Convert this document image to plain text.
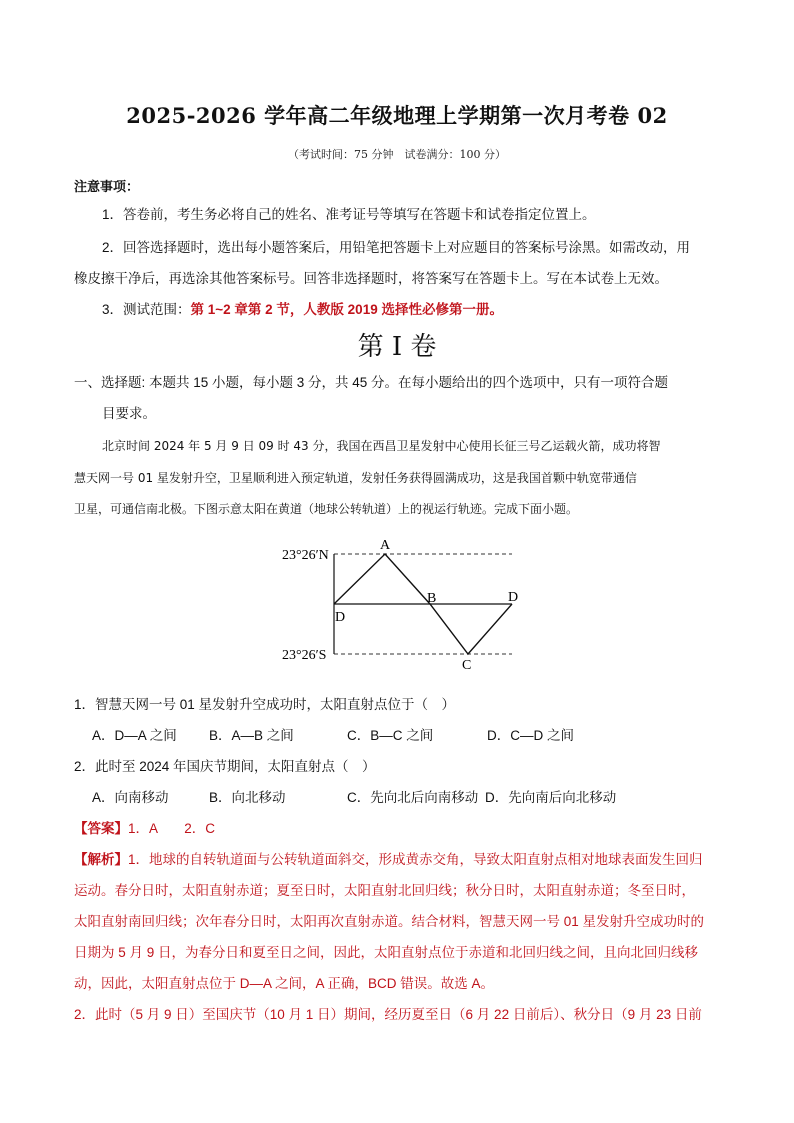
2025-2026 学年高二年级地理上学期第一次月考卷 02
（考试时间：75 分钟　试卷满分：100 分）
注意事项：
1．答卷前，考生务必将自己的姓名、准考证号等填写在答题卡和试卷指定位置上。
2．回答选择题时，选出每小题答案后，用铅笔把答题卡上对应题目的答案标号涂黑。如需改动，用
橡皮擦干净后，再选涂其他答案标号。回答非选择题时，将答案写在答题卡上。写在本试卷上无效。
3．测试范围：第 1~2 章第 2 节，人教版 2019 选择性必修第一册。
第 I 卷
一、选择题: 本题共 15 小题，每小题 3 分，共 45 分。在每小题给出的四个选项中，只有一项符合题
目要求。
北京时间 2024 年 5 月 9 日 09 时 43 分，我国在西昌卫星发射中心使用长征三号乙运载火箭，成功将智
慧天网一号 01 星发射升空，卫星顺利进入预定轨道，发射任务获得圆满成功，这是我国首颗中轨宽带通信
卫星，可通信南北极。下图示意太阳在黄道（地球公转轨道）上的视运行轨迹。完成下面小题。
23°26′N
23°26′S
A
B
C
D
D
1．智慧天网一号 01 星发射升空成功时，太阳直射点位于（　）
A．D—A 之间 B．A—B 之间	C．B—C 之间	D．C—D 之间
2．此时至 2024 年国庆节期间，太阳直射点（　）
A．向南移动	B．向北移动	C．先向北后向南移动 D．先向南后向北移动
【答案】1．A　　2．C
【解析】1．地球的自转轨道面与公转轨道面斜交，形成黄赤交角，导致太阳直射点相对地球表面发生回归
运动。春分日时，太阳直射赤道；夏至日时，太阳直射北回归线；秋分日时，太阳直射赤道；冬至日时，
太阳直射南回归线；次年春分日时，太阳再次直射赤道。结合材料，智慧天网一号 01 星发射升空成功时的
日期为 5 月 9 日，为春分日和夏至日之间，因此，太阳直射点位于赤道和北回归线之间，且向北回归线移
动，因此，太阳直射点位于 D—A 之间，A 正确，BCD 错误。故选 A。
2．此时（5 月 9 日）至国庆节（10 月 1 日）期间，经历夏至日（6 月 22 日前后）、秋分日（9 月 23 日前
